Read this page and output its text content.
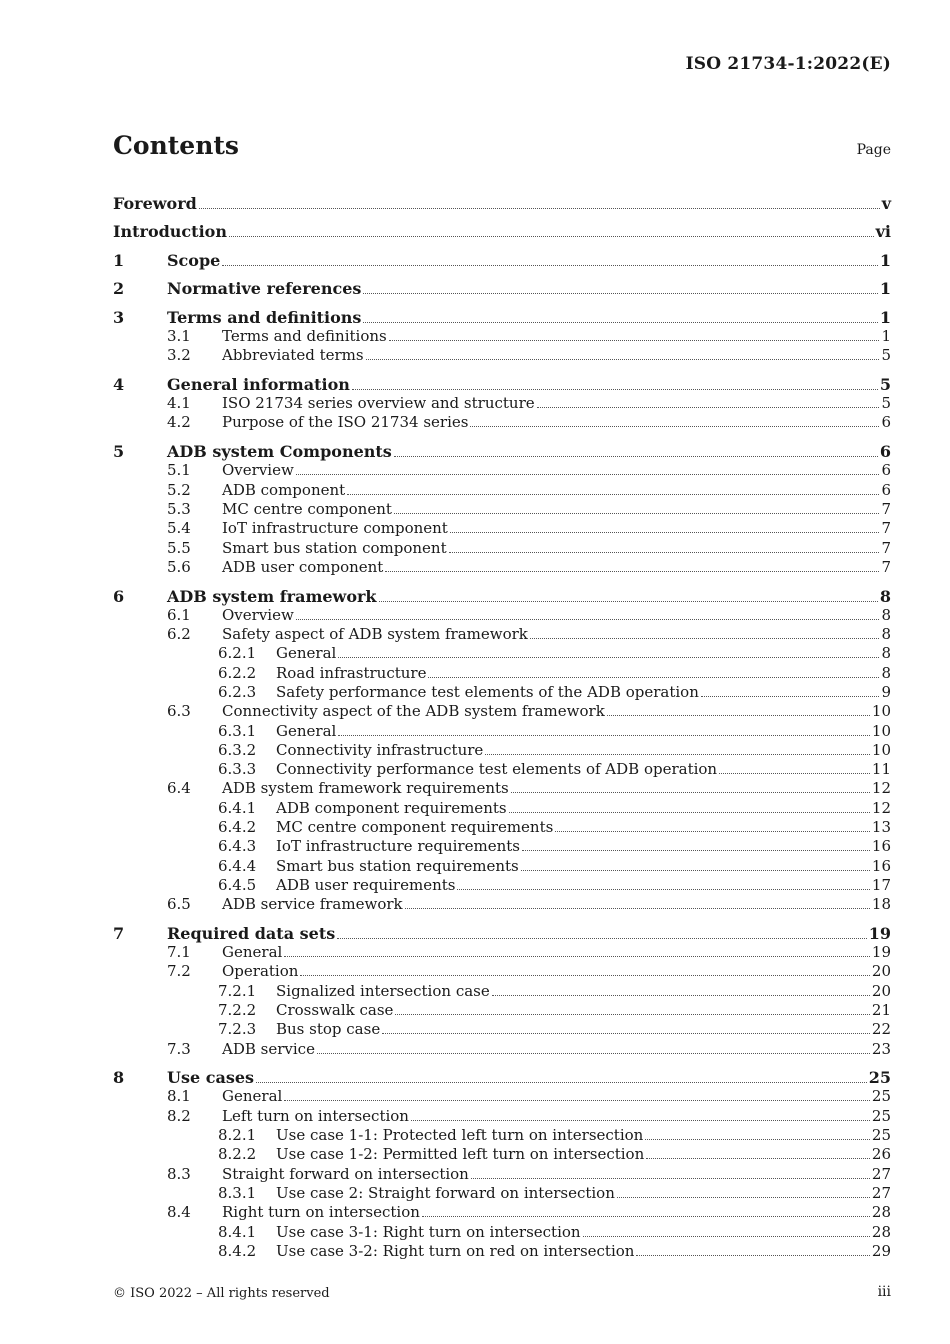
ISO 21734-1:2022(E)
Contents	Page
Foreword	v
Introduction	vi
1	Scope	1
2	Normative references	1
3	Terms and definitions	1
3.1	Terms and definitions	1
3.2	Abbreviated terms	5
4	General information	5
4.1	ISO 21734 series overview and structure	5
4.2	Purpose of the ISO 21734 series	6
5	ADB system Components	6
5.1	Overview	6
5.2	ADB component	6
5.3	MC centre component	7
5.4	IoT infrastructure component	7
5.5	Smart bus station component	7
5.6	ADB user component	7
6	ADB system framework	8
6.1	Overview	8
6.2	Safety aspect of ADB system framework	8
6.2.1	General	8
6.2.2	Road infrastructure	8
6.2.3	Safety performance test elements of the ADB operation	9
6.3	Connectivity aspect of the ADB system framework	10
6.3.1	General	10
6.3.2	Connectivity infrastructure	10
6.3.3	Connectivity performance test elements of ADB operation	11
6.4	ADB system framework requirements	12
6.4.1	ADB component requirements	12
6.4.2	MC centre component requirements	13
6.4.3	IoT infrastructure requirements	16
6.4.4	Smart bus station requirements	16
6.4.5	ADB user requirements	17
6.5	ADB service framework	18
7	Required data sets	19
7.1	General	19
7.2	Operation	20
7.2.1	Signalized intersection case	20
7.2.2	Crosswalk case	21
7.2.3	Bus stop case	22
7.3	ADB service	23
8	Use cases	25
8.1	General	25
8.2	Left turn on intersection	25
8.2.1	Use case 1-1: Protected left turn on intersection	25
8.2.2	Use case 1-2: Permitted left turn on intersection	26
8.3	Straight forward on intersection	27
8.3.1	Use case 2: Straight forward on intersection	27
8.4	Right turn on intersection	28
8.4.1	Use case 3-1: Right turn on intersection	28
8.4.2	Use case 3-2: Right turn on red on intersection	29
© ISO 2022 – All rights reserved	iii
